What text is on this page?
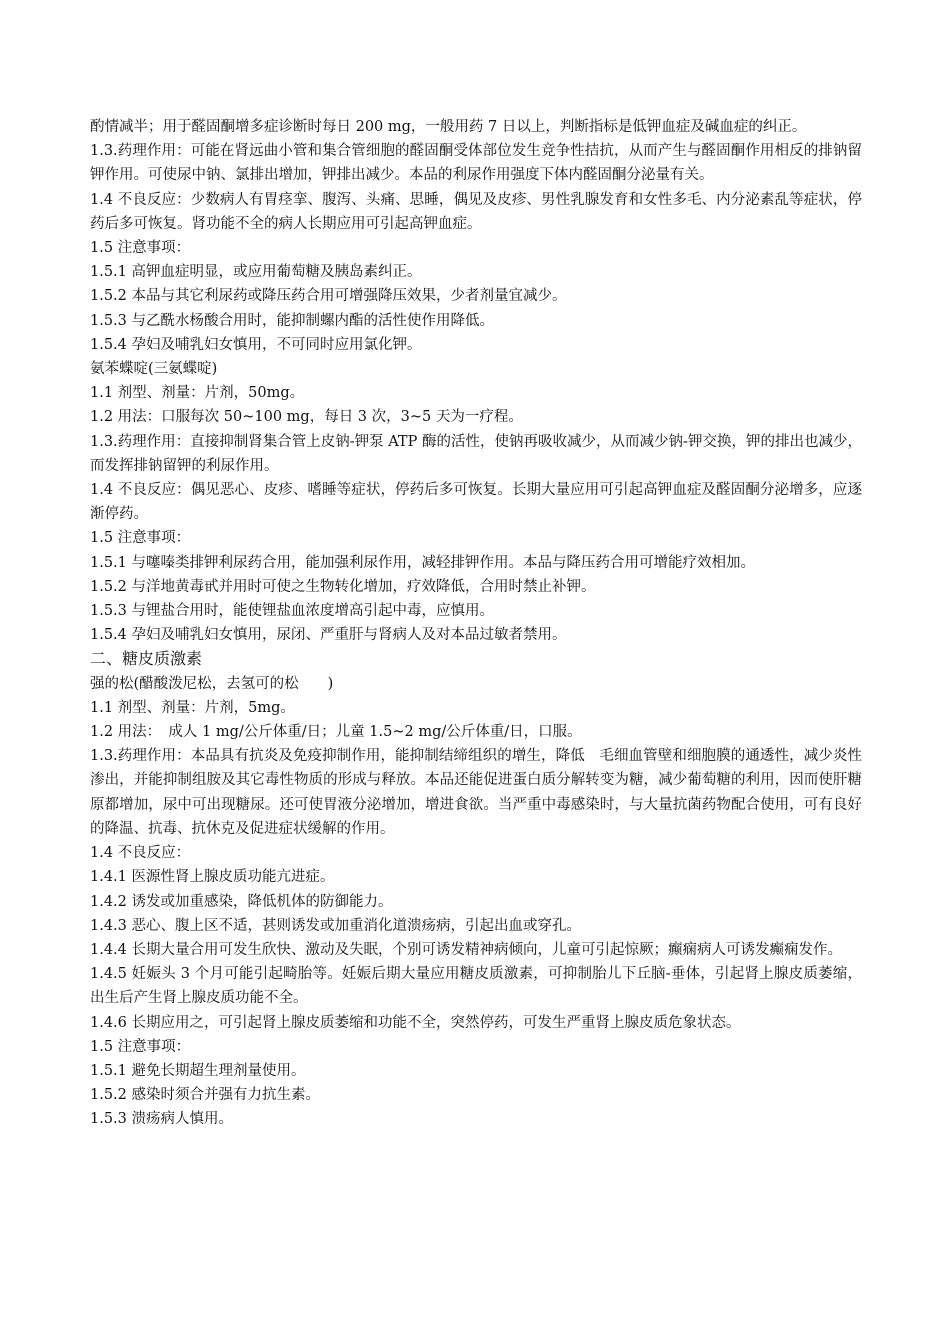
酌情减半；用于醛固酮增多症诊断时每日 200 mg，一般用药 7 日以上，判断指标是低钾血症及碱血症的纠正。

1.3.药理作用：可能在肾远曲小管和集合管细胞的醛固酮受体部位发生竞争性拮抗，从而产生与醛固酮作用相反的排钠留钾作用。可使尿中钠、氯排出增加，钾排出减少。本品的利尿作用强度下体内醛固酮分泌量有关。

1.4 不良反应：少数病人有胃痉挛、腹泻、头痛、思睡，偶见及皮疹、男性乳腺发育和女性多毛、内分泌素乱等症状，停药后多可恢复。肾功能不全的病人长期应用可引起高钾血症。

1.5 注意事项：

1.5.1 高钾血症明显，或应用葡萄糖及胰岛素纠正。

1.5.2 本品与其它利尿药或降压药合用可增强降压效果，少者剂量宜减少。

1.5.3 与乙酰水杨酸合用时，能抑制螺内酯的活性使作用降低。

1.5.4 孕妇及哺乳妇女慎用，不可同时应用氯化钾。

氨苯蝶啶(三氨蝶啶)

1.1 剂型、剂量：片剂，50mg。

1.2 用法：口服每次 50~100 mg，每日 3 次，3~5 天为一疗程。

1.3.药理作用：直接抑制肾集合管上皮钠-钾泵 ATP 酶的活性，使钠再吸收减少，从而减少钠-钾交换，钾的排出也减少，而发挥排钠留钾的利尿作用。

1.4 不良反应：偶见恶心、皮疹、嗜睡等症状，停药后多可恢复。长期大量应用可引起高钾血症及醛固酮分泌增多，应逐渐停药。

1.5 注意事项：

1.5.1 与噻嗪类排钾利尿药合用，能加强利尿作用，减轻排钾作用。本品与降压药合用可增能疗效相加。

1.5.2 与洋地黄毒甙并用时可使之生物转化增加，疗效降低，合用时禁止补钾。

1.5.3 与锂盐合用时，能使锂盐血浓度增高引起中毒，应慎用。

1.5.4 孕妇及哺乳妇女慎用，尿闭、严重肝与肾病人及对本品过敏者禁用。

二、糖皮质激素

强的松(醋酸泼尼松，去氢可的松　　)

1.1 剂型、剂量：片剂，5mg。

1.2 用法：　成人 1 mg/公斤体重/日；儿童 1.5~2 mg/公斤体重/日，口服。

1.3.药理作用：本品具有抗炎及免疫抑制作用，能抑制结缔组织的增生，降低　毛细血管壁和细胞膜的通透性，减少炎性渗出，并能抑制组胺及其它毒性物质的形成与释放。本品还能促进蛋白质分解转变为糖，减少葡萄糖的利用，因而使肝糖原都增加，尿中可出现糖尿。还可使胃液分泌增加，增进食欲。当严重中毒感染时，与大量抗菌药物配合使用，可有良好的降温、抗毒、抗休克及促进症状缓解的作用。

1.4 不良反应：

1.4.1 医源性肾上腺皮质功能亢进症。

1.4.2 诱发或加重感染，降低机体的防御能力。

1.4.3 恶心、腹上区不适，甚则诱发或加重消化道溃疡病，引起出血或穿孔。

1.4.4 长期大量合用可发生欣快、激动及失眠，个别可诱发精神病倾向，儿童可引起惊厥；癫痫病人可诱发癫痫发作。

1.4.5 妊娠头 3 个月可能引起畸胎等。妊娠后期大量应用糖皮质激素，可抑制胎儿下丘脑-垂体，引起肾上腺皮质萎缩，出生后产生肾上腺皮质功能不全。

1.4.6 长期应用之，可引起肾上腺皮质萎缩和功能不全，突然停药，可发生严重肾上腺皮质危象状态。

1.5 注意事项：

1.5.1 避免长期超生理剂量使用。

1.5.2 感染时须合并强有力抗生素。

1.5.3 溃疡病人慎用。
